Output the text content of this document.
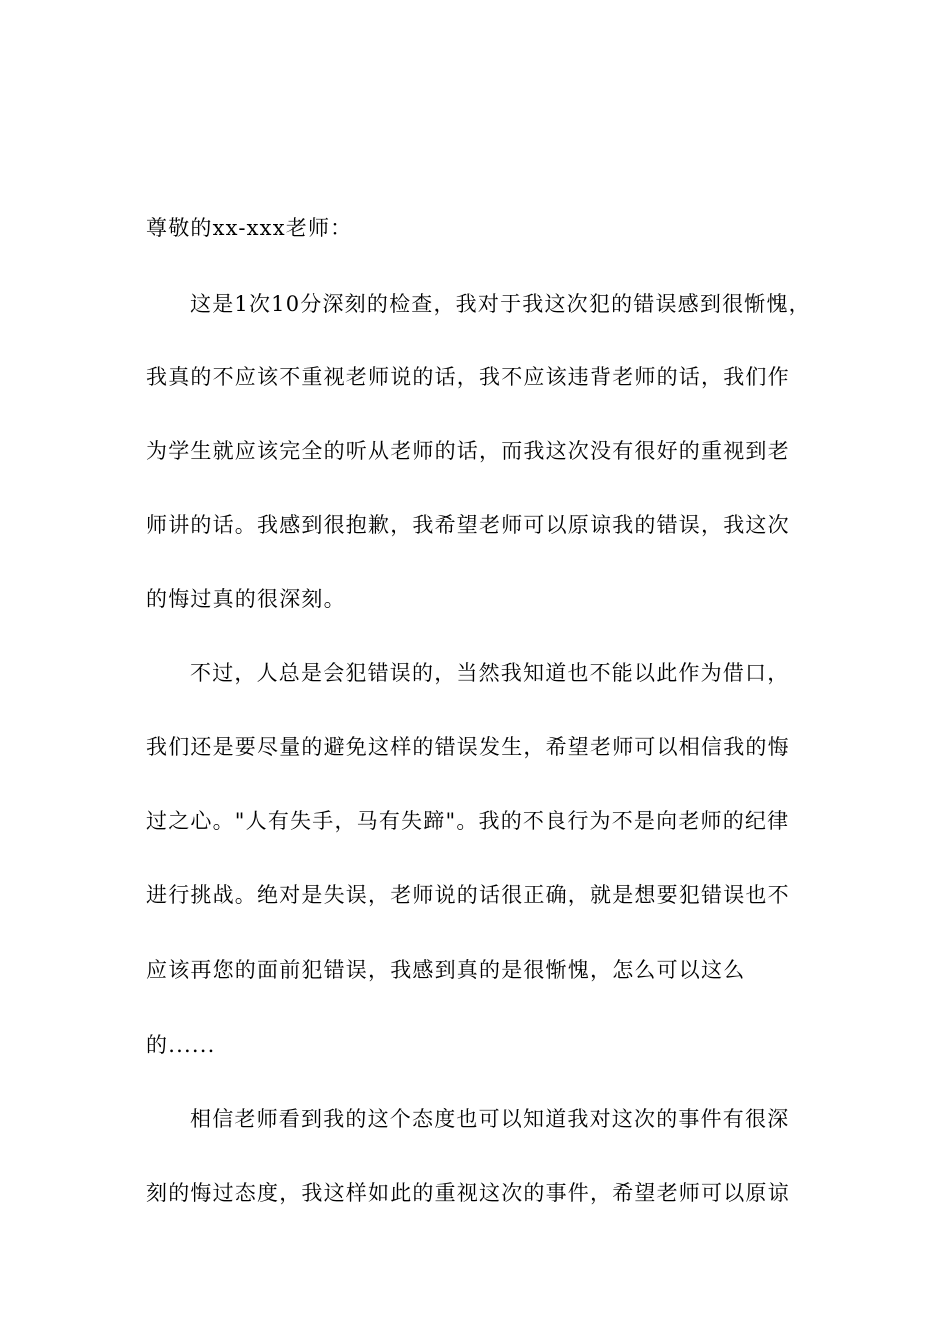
尊敬的xx-xxx老师：
这是1次10分深刻的检查，我对于我这次犯的错误感到很惭愧，
我真的不应该不重视老师说的话，我不应该违背老师的话，我们作
为学生就应该完全的听从老师的话，而我这次没有很好的重视到老
师讲的话。我感到很抱歉，我希望老师可以原谅我的错误，我这次
的悔过真的很深刻。
不过，人总是会犯错误的，当然我知道也不能以此作为借口，
我们还是要尽量的避免这样的错误发生，希望老师可以相信我的悔
过之心。"人有失手，马有失蹄"。我的不良行为不是向老师的纪律
进行挑战。绝对是失误，老师说的话很正确，就是想要犯错误也不
应该再您的面前犯错误，我感到真的是很惭愧，怎么可以这么
的......
相信老师看到我的这个态度也可以知道我对这次的事件有很深
刻的悔过态度，我这样如此的重视这次的事件，希望老师可以原谅
